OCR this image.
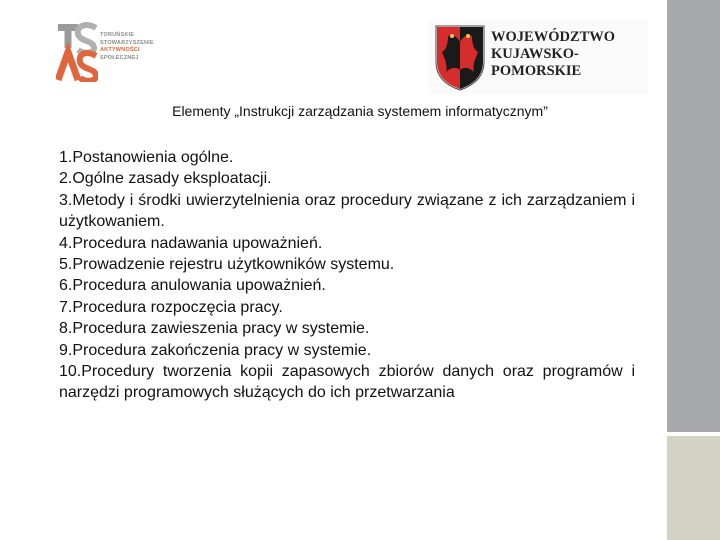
TORUŃSKIE
STOWARZYSZENIE
AKTYWNOŚCI
SPOŁECZNEJ
WOJEWÓDZTWO
KUJAWSKO-POMORSKIE
Elementy „Instrukcji zarządzania systemem informatycznym”
1.Postanowienia ogólne.
2.Ogólne zasady eksploatacji.
3.Metody i środki uwierzytelnienia oraz procedury związane z ich zarządzaniem i użytkowaniem.
4.Procedura nadawania upoważnień.
5.Prowadzenie rejestru użytkowników systemu.
6.Procedura anulowania upoważnień.
7.Procedura rozpoczęcia pracy.
8.Procedura zawieszenia pracy w systemie.
9.Procedura zakończenia pracy w systemie.
10.Procedury tworzenia kopii zapasowych zbiorów danych oraz programów i narzędzi programowych służących do ich przetwarzania
